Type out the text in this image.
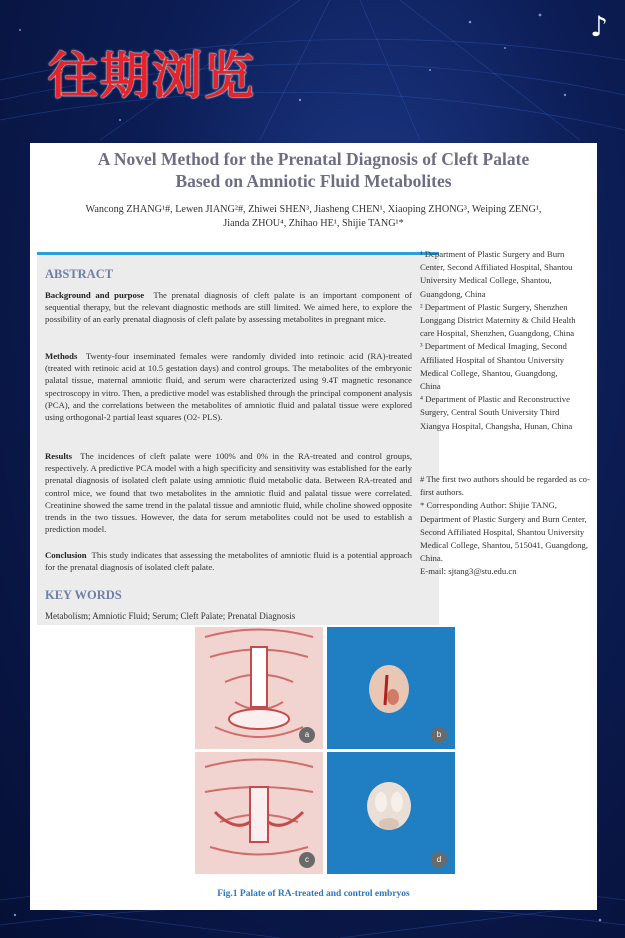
往期浏览
♪
A Novel Method for the Prenatal Diagnosis of Cleft Palate
Based on Amniotic Fluid Metabolites
Wancong ZHANG¹#, Lewen JIANG²#, Zhiwei SHEN³, Jiasheng CHEN¹, Xiaoping ZHONG³, Weiping ZENG¹,
Jianda ZHOU⁴, Zhihao HE¹, Shijie TANG¹*
ABSTRACT
Background and purpose The prenatal diagnosis of cleft palate is an important component of sequential therapy, but the relevant diagnostic methods are still limited. We aimed here, to explore the possibility of an early prenatal diagnosis of cleft palate by assessing metabolites in pregnant mice.
Methods Twenty-four inseminated females were randomly divided into retinoic acid (RA)-treated (treated with retinoic acid at 10.5 gestation days) and control groups. The metabolites of the embryonic palatal tissue, maternal amniotic fluid, and serum were characterized using 9.4T magnetic resonance spectroscopy in vitro. Then, a predictive model was established through the principal component analysis (PCA), and the correlations between the metabolites of amniotic fluid and palatal tissue were explored using orthogonal-2 partial least squares (O2- PLS).
Results The incidences of cleft palate were 100% and 0% in the RA-treated and control groups, respectively. A predictive PCA model with a high specificity and sensitivity was established for the early prenatal diagnosis of isolated cleft palate using amniotic fluid metabolic data. Between RA-treated and control mice, we found that two metabolites in the amniotic fluid and palatal tissue were correlated. Creatinine showed the same trend in the palatal tissue and amniotic fluid, while choline showed opposite trends in the two tissues. However, the data for serum metabolites could not be used to establish a prediction model.
Conclusion This study indicates that assessing the metabolites of amniotic fluid is a potential approach for the prenatal diagnosis of isolated cleft palate.
KEY WORDS
Metabolism; Amniotic Fluid; Serum; Cleft Palate; Prenatal Diagnosis

¹ Department of Plastic Surgery and Burn Center, Second Affiliated Hospital, Shantou University Medical College, Shantou, Guangdong, China

² Department of Plastic Surgery, Shenzhen Longgang District Maternity & Child Health care Hospital, Shenzhen, Guangdong, China

³ Department of Medical Imaging, Second Affiliated Hospital of Shantou University Medical College, Shantou, Guangdong, China

⁴ Department of Plastic and Reconstructive Surgery, Central South University Third Xiangya Hospital, Changsha, Hunan, China

# The first two authors should be regarded as co-first authors.

* Corresponding Author: Shijie TANG, Department of Plastic Surgery and Burn Center, Second Affiliated Hospital, Shantou University Medical College, Shantou, 515041, Guangdong, China.

E-mail: sjtang3@stu.edu.cn

a	b
c	d
Fig.1 Palate of RA-treated and control embryos
